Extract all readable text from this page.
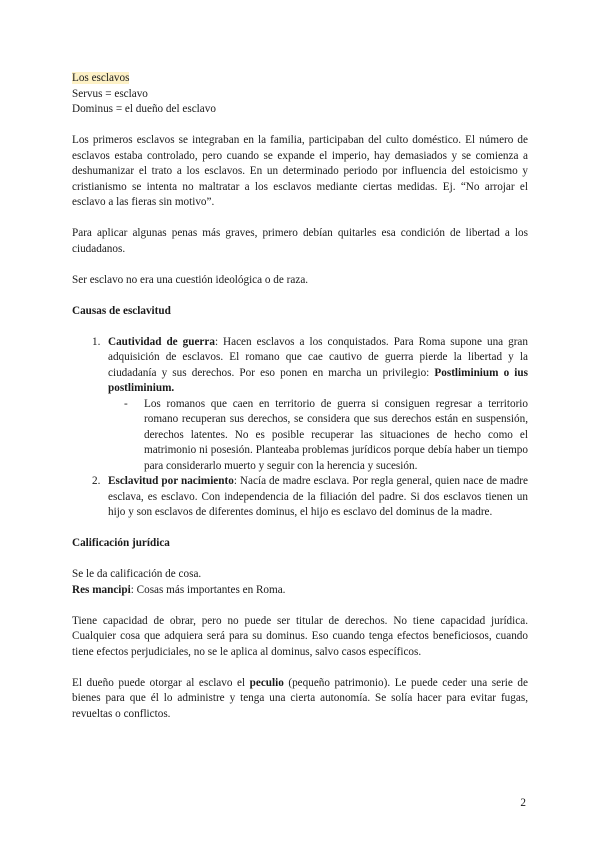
Los esclavos

Servus = esclavo

Dominus = el dueño del esclavo

Los primeros esclavos se integraban en la familia, participaban del culto doméstico. El número de esclavos estaba controlado, pero cuando se expande el imperio, hay demasiados y se comienza a deshumanizar el trato a los esclavos. En un determinado periodo por influencia del estoicismo y cristianismo se intenta no maltratar a los esclavos mediante ciertas medidas. Ej. “No arrojar el esclavo a las fieras sin motivo”.

Para aplicar algunas penas más graves, primero debían quitarles esa condición de libertad a los ciudadanos.

Ser esclavo no era una cuestión ideológica o de raza.

Causas de esclavitud

1. Cautividad de guerra: Hacen esclavos a los conquistados. Para Roma supone una gran adquisición de esclavos. El romano que cae cautivo de guerra pierde la libertad y la ciudadanía y sus derechos. Por eso ponen en marcha un privilegio: Postliminium o ius postliminium.
- Los romanos que caen en territorio de guerra si consiguen regresar a territorio romano recuperan sus derechos, se considera que sus derechos están en suspensión, derechos latentes. No es posible recuperar las situaciones de hecho como el matrimonio ni posesión. Planteaba problemas jurídicos porque debía haber un tiempo para considerarlo muerto y seguir con la herencia y sucesión.
2. Esclavitud por nacimiento: Nacía de madre esclava. Por regla general, quien nace de madre esclava, es esclavo. Con independencia de la filiación del padre. Si dos esclavos tienen un hijo y son esclavos de diferentes dominus, el hijo es esclavo del dominus de la madre.

Calificación jurídica

Se le da calificación de cosa.

Res mancipi: Cosas más importantes en Roma.

Tiene capacidad de obrar, pero no puede ser titular de derechos. No tiene capacidad jurídica. Cualquier cosa que adquiera será para su dominus. Eso cuando tenga efectos beneficiosos, cuando tiene efectos perjudiciales, no se le aplica al dominus, salvo casos específicos.

El dueño puede otorgar al esclavo el peculio (pequeño patrimonio). Le puede ceder una serie de bienes para que él lo administre y tenga una cierta autonomía. Se solía hacer para evitar fugas, revueltas o conflictos.

2
